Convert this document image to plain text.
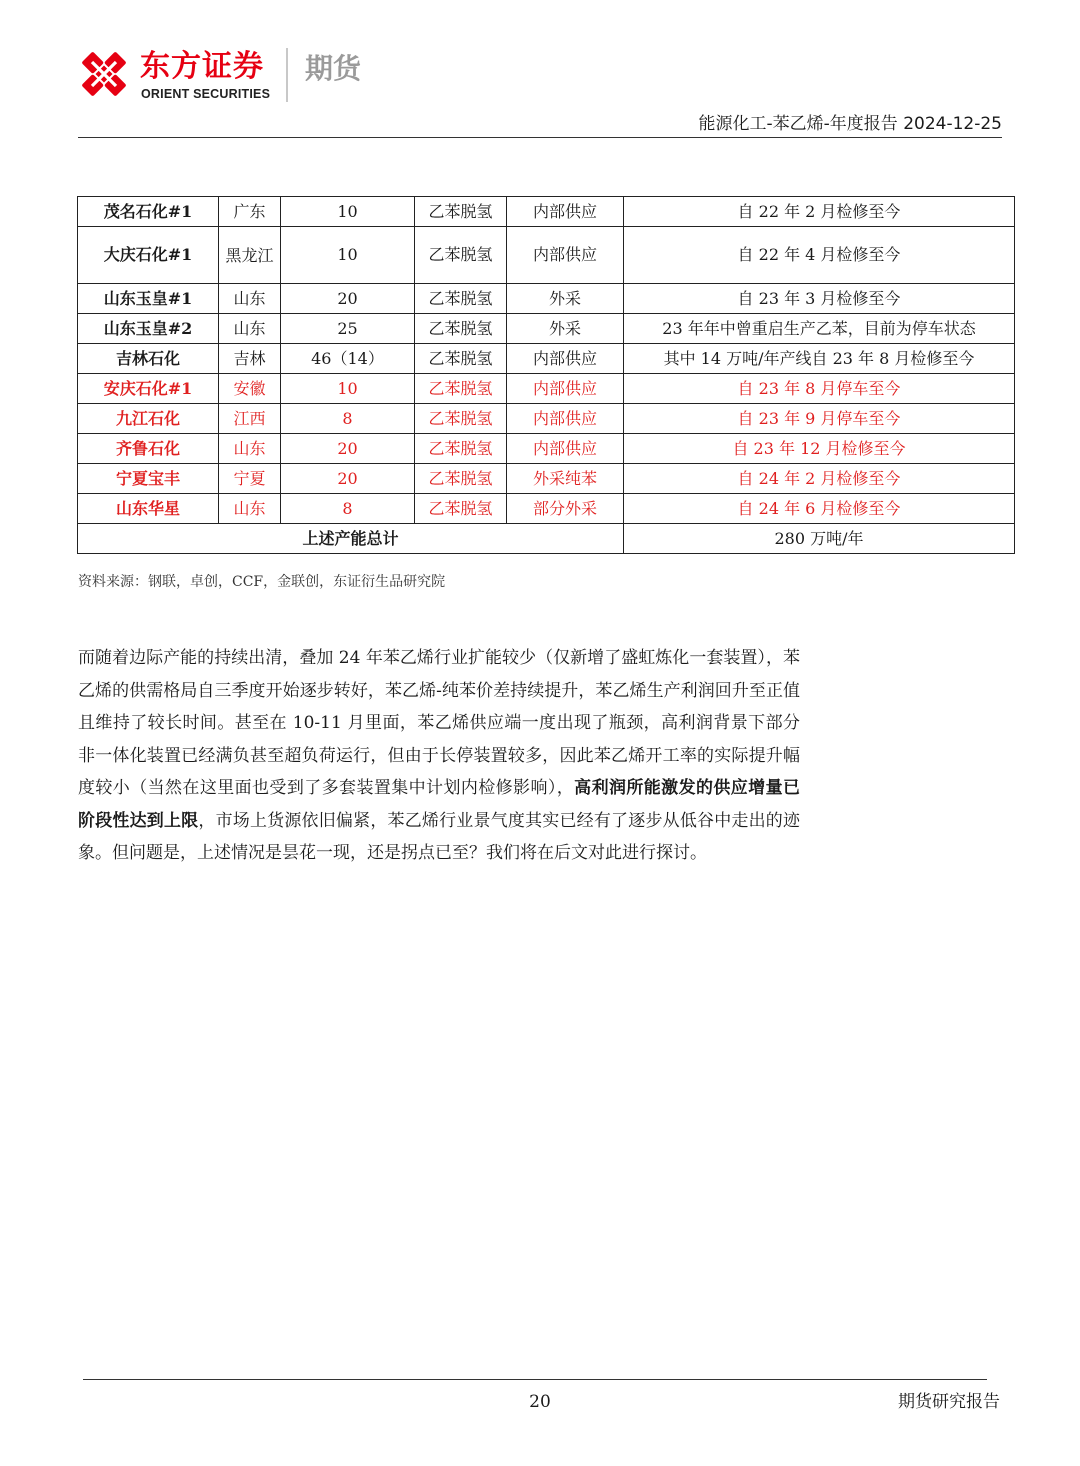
东方证券
ORIENT SECURITIES
期货
能源化工-苯乙烯-年度报告 2024-12-25
茂名石化#1	广东	10	乙苯脱氢	内部供应	自 22 年 2 月检修至今
大庆石化#1	黑龙江	10	乙苯脱氢	内部供应	自 22 年 4 月检修至今
山东玉皇#1	山东	20	乙苯脱氢	外采	自 23 年 3 月检修至今
山东玉皇#2	山东	25	乙苯脱氢	外采	23 年年中曾重启生产乙苯，目前为停车状态
吉林石化	吉林	46（14）	乙苯脱氢	内部供应	其中 14 万吨/年产线自 23 年 8 月检修至今
安庆石化#1	安徽	10	乙苯脱氢	内部供应	自 23 年 8 月停车至今
九江石化	江西	8	乙苯脱氢	内部供应	自 23 年 9 月停车至今
齐鲁石化	山东	20	乙苯脱氢	内部供应	自 23 年 12 月检修至今
宁夏宝丰	宁夏	20	乙苯脱氢	外采纯苯	自 24 年 2 月检修至今
山东华星	山东	8	乙苯脱氢	部分外采	自 24 年 6 月检修至今
上述产能总计					280 万吨/年
资料来源：钢联，卓创，CCF，金联创，东证衍生品研究院
而随着边际产能的持续出清，叠加 24 年苯乙烯行业扩能较少（仅新增了盛虹炼化一套装置），苯乙烯的供需格局自三季度开始逐步转好，苯乙烯-纯苯价差持续提升，苯乙烯生产利润回升至正值且维持了较长时间。甚至在 10-11 月里面，苯乙烯供应端一度出现了瓶颈，高利润背景下部分非一体化装置已经满负甚至超负荷运行，但由于长停装置较多，因此苯乙烯开工率的实际提升幅度较小（当然在这里面也受到了多套装置集中计划内检修影响），高利润所能激发的供应增量已阶段性达到上限，市场上货源依旧偏紧，苯乙烯行业景气度其实已经有了逐步从低谷中走出的迹象。但问题是，上述情况是昙花一现，还是拐点已至？我们将在后文对此进行探讨。
20	期货研究报告
